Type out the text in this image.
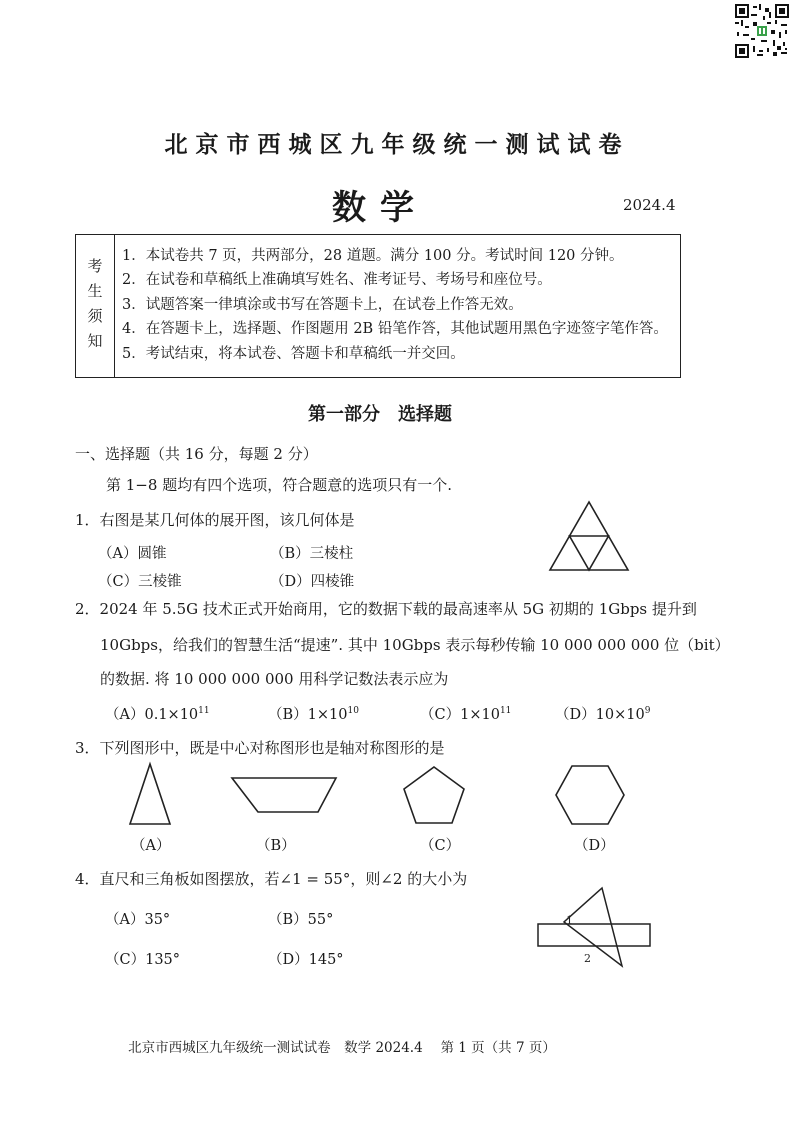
北京市西城区九年级统一测试试卷
数学	2024.4
考
生
须
知
1．本试卷共 7 页，共两部分，28 道题。满分 100 分。考试时间 120 分钟。
2．在试卷和草稿纸上准确填写姓名、准考证号、考场号和座位号。
3．试题答案一律填涂或书写在答题卡上，在试卷上作答无效。
4．在答题卡上，选择题、作图题用 2B 铅笔作答，其他试题用黑色字迹签字笔作答。
5．考试结束，将本试卷、答题卡和草稿纸一并交回。
第一部分　选择题
一、选择题（共 16 分，每题 2 分）
第 1−8 题均有四个选项，符合题意的选项只有一个.
1．右图是某几何体的展开图，该几何体是
（A）圆锥	（B）三棱柱
（C）三棱锥	（D）四棱锥
2．2024 年 5.5G 技术正式开始商用，它的数据下载的最高速率从 5G 初期的 1Gbps 提升到
10Gbps，给我们的智慧生活“提速”. 其中 10Gbps 表示每秒传输 10 000 000 000 位（bit）
的数据. 将 10 000 000 000 用科学记数法表示应为
$(A)0.1\times 10^{11}$	$(B)1\times 10^{10}$	$(C)1\times 10^{11}$	$(D)10\times 10^9$
3．下列图形中，既是中心对称图形也是轴对称图形的是
（A）	（B）	（C）	（D）
4．直尺和三角板如图摆放，若∠1 = 55°，则∠2 的大小为
（A）35°	（B）55°
（C）135°	（D）145°
1
2
北京市西城区九年级统一测试试卷　数学 2024.4　 第 1 页（共 7 页）
